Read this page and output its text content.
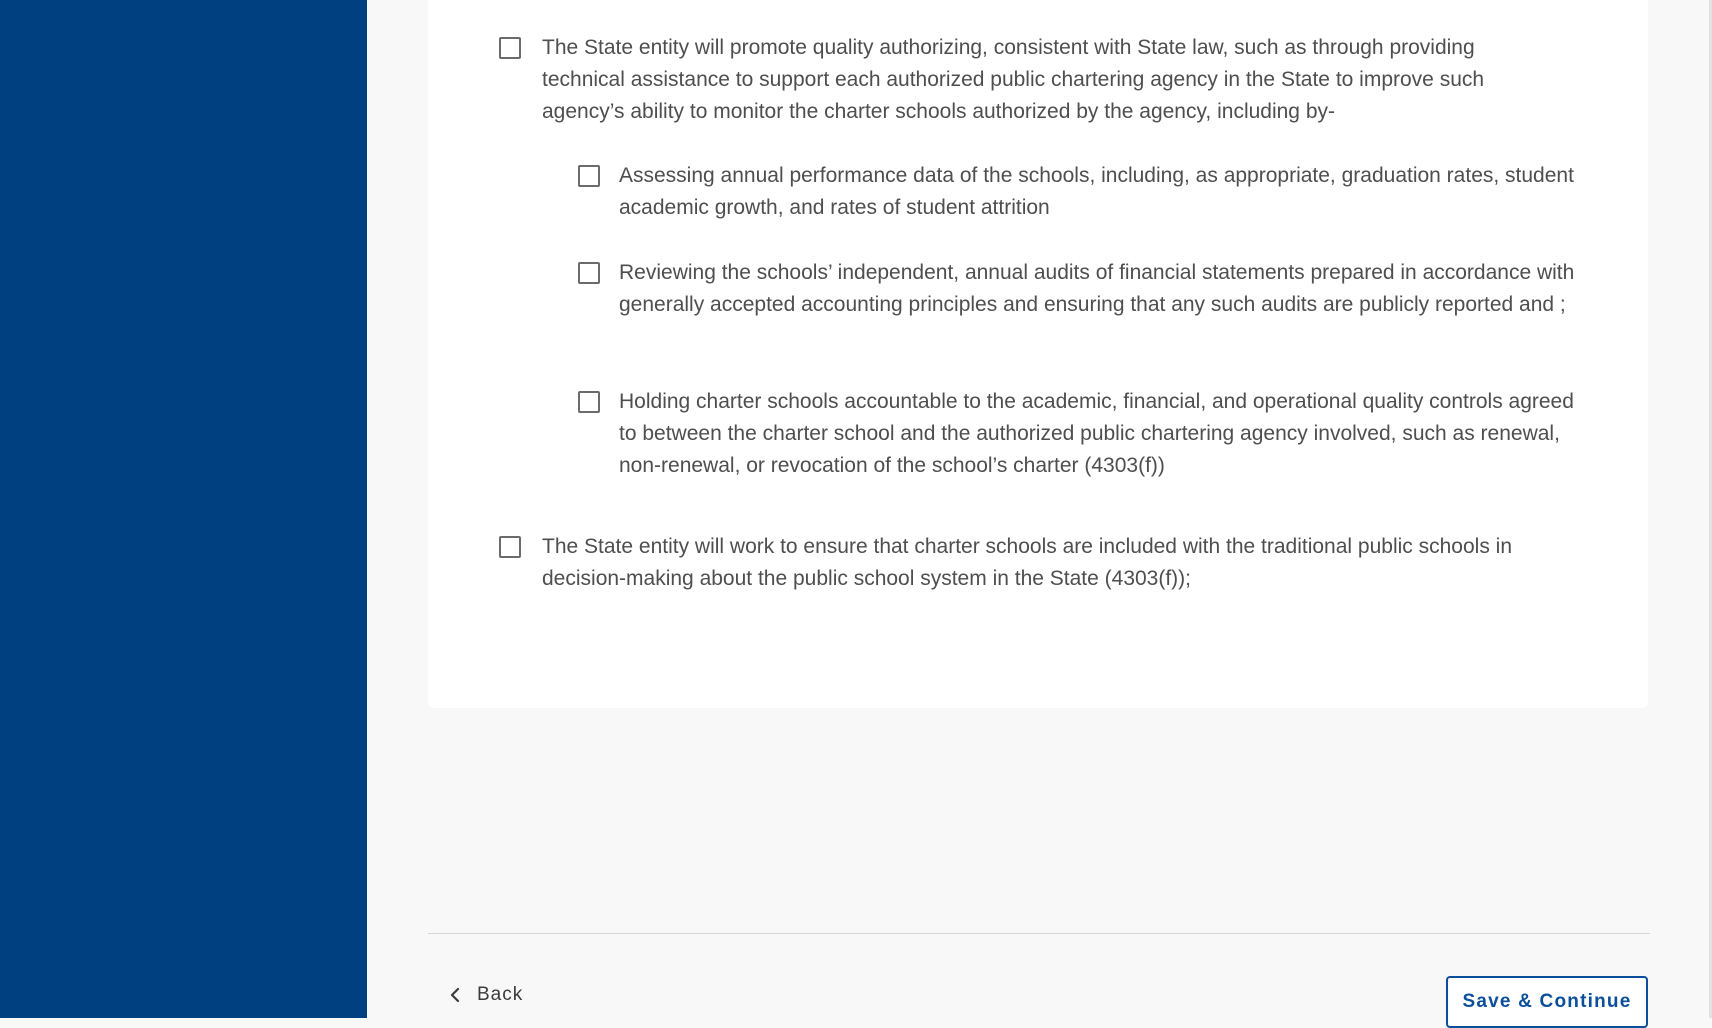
The State entity will promote quality authorizing, consistent with State law, such as through providing technical assistance to support each authorized public chartering agency in the State to improve such agency’s ability to monitor the charter schools authorized by the agency, including by-
Assessing annual performance data of the schools, including, as appropriate, graduation rates, student academic growth, and rates of student attrition
Reviewing the schools’ independent, annual audits of financial statements prepared in accordance with generally accepted accounting principles and ensuring that any such audits are publicly reported and ;
Holding charter schools accountable to the academic, financial, and operational quality controls agreed to between the charter school and the authorized public chartering agency involved, such as renewal, non-renewal, or revocation of the school’s charter (4303(f))
The State entity will work to ensure that charter schools are included with the traditional public schools in decision-making about the public school system in the State (4303(f));
Back	Save & Continue
